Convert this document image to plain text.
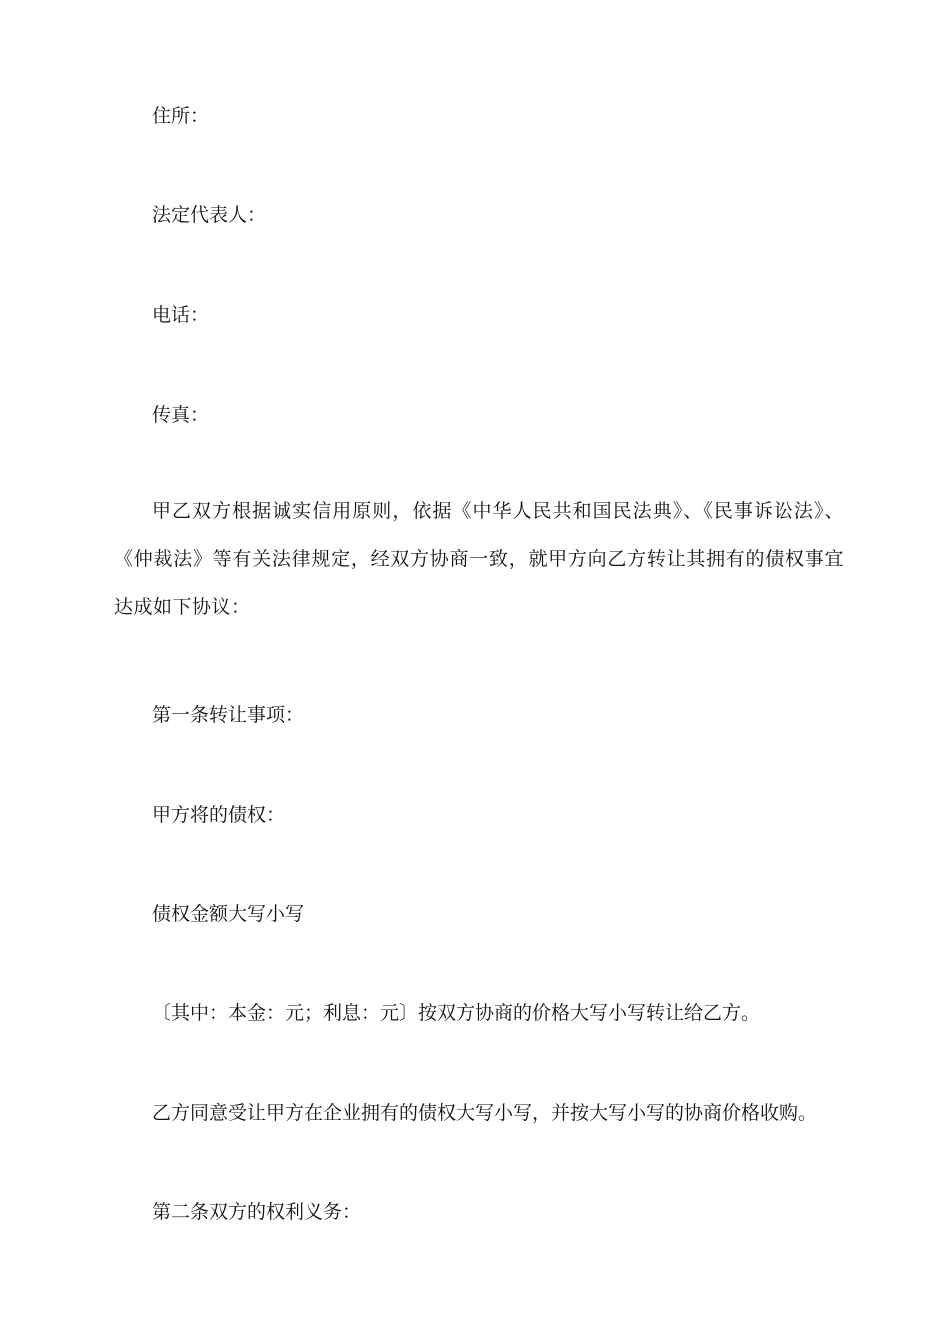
住所：
法定代表人：
电话：
传真：
甲乙双方根据诚实信用原则，依据《中华人民共和国民法典》、《民事诉讼法》、《仲裁法》等有关法律规定，经双方协商一致，就甲方向乙方转让其拥有的债权事宜达成如下协议：
第一条转让事项：
甲方将的债权：
债权金额大写小写
〔其中：本金：元；利息：元〕按双方协商的价格大写小写转让给乙方。
乙方同意受让甲方在企业拥有的债权大写小写，并按大写小写的协商价格收购。
第二条双方的权利义务：
